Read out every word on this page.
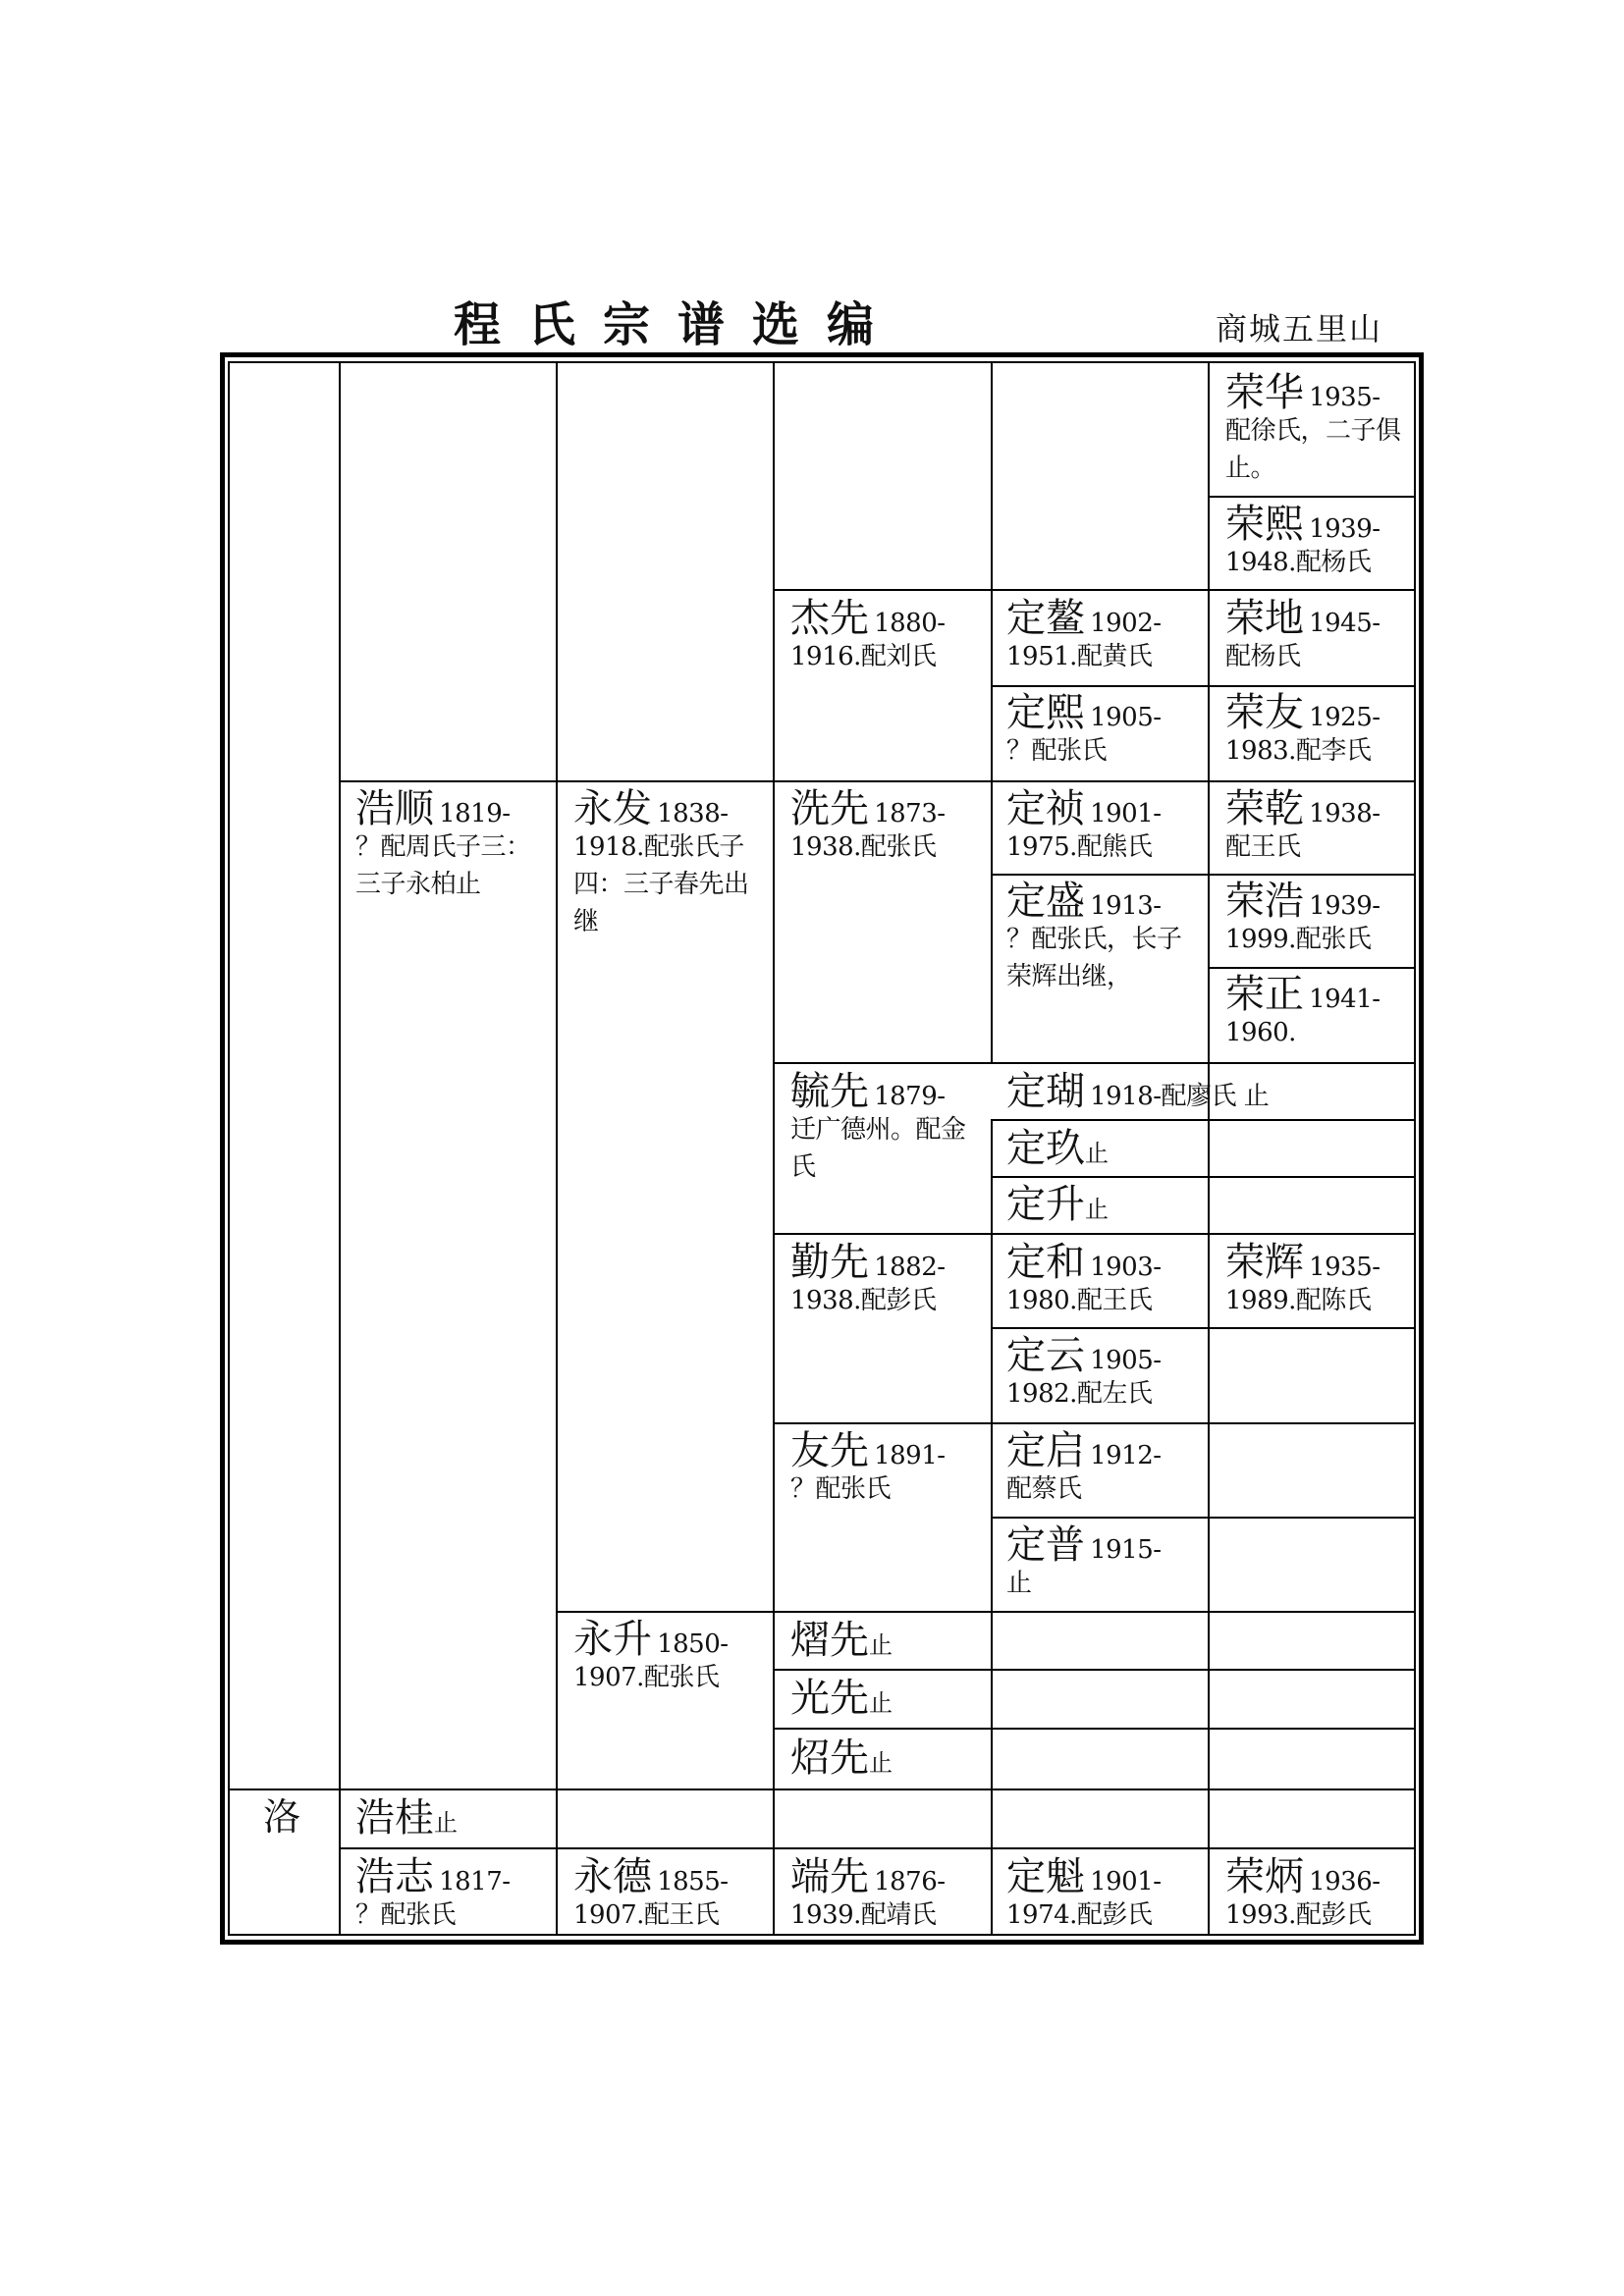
程氏宗谱选编	商城五里山
荣华 1935-
配徐氏，二子俱止。
荣熙 1939-
1948.配杨氏
杰先 1880-
1916.配刘氏
定鳌 1902-
1951.配黄氏
荣地 1945-
配杨氏
定熙 1905-
？配张氏
荣友 1925-
1983.配李氏
浩顺 1819-
？配周氏子三：三子永柏止
永发 1838-
1918.配张氏子四：三子春先出继
洗先 1873-
1938.配张氏
定祯 1901-
1975.配熊氏
荣乾 1938-
配王氏
定盛 1913-
？配张氏，长子荣辉出继，
荣浩 1939-
1999.配张氏
荣正 1941-
1960.
毓先 1879-
迁广德州。配金氏
定瑚 1918-配廖氏 止
定玖止
定升止
勤先 1882-
1938.配彭氏
定和 1903-
1980.配王氏
荣辉 1935-
1989.配陈氏
定云 1905-
1982.配左氏
友先 1891-
？配张氏
定启 1912-
配蔡氏
定普 1915-
止
永升 1850-
1907.配张氏
熠先止
光先止
炤先止
洛 浩桂止
浩志 1817-
？配张氏
永德 1855-
1907.配王氏
端先 1876-
1939.配靖氏
定魁 1901-
1974.配彭氏
荣炳 1936-
1993.配彭氏
